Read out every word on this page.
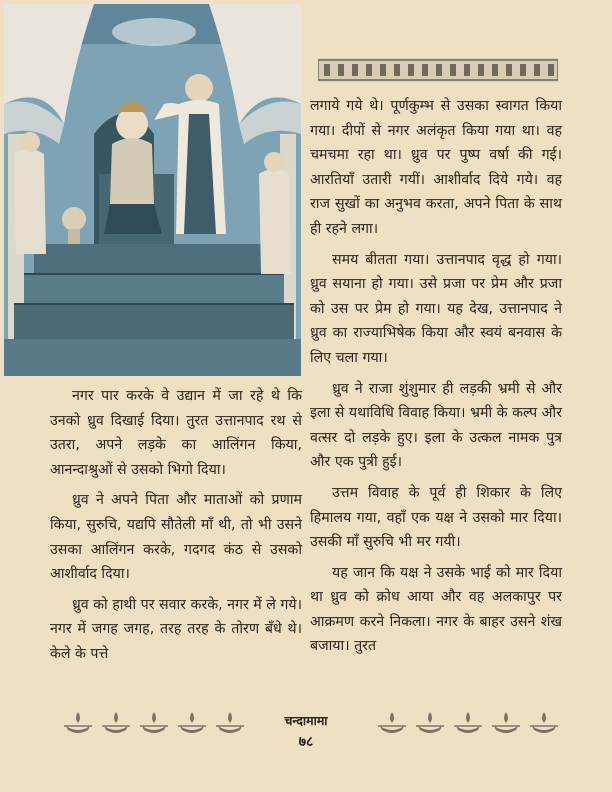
लगाये गये थे। पूर्णकुम्भ से उसका स्वागत किया गया। दीपों से नगर अलंकृत किया गया था। वह चमचमा रहा था। ध्रुव पर पुष्प वर्षा की गई। आरतियाँ उतारी गयीं। आशीर्वाद दिये गये। वह राज सुखों का अनुभव करता, अपने पिता के साथ ही रहने लगा।

समय बीतता गया। उत्तानपाद वृद्ध हो गया। ध्रुव सयाना हो गया। उसे प्रजा पर प्रेम और प्रजा को उस पर प्रेम हो गया। यह देख, उत्तानपाद ने ध्रुव का राज्याभिषेक किया और स्वयं बनवास के लिए चला गया।

ध्रुव ने राजा शुंशुमार ही लड़की भ्रमी से और इला से यथाविधि विवाह किया। भ्रमी के कल्प और वत्सर दो लड़के हुए। इला के उत्कल नामक पुत्र और एक पुत्री हुई।

उत्तम विवाह के पूर्व ही शिकार के लिए हिमालय गया, वहाँ एक यक्ष ने उसको मार दिया। उसकी माँ सुरुचि भी मर गयी।

यह जान कि यक्ष ने उसके भाई को मार दिया था ध्रुव को क्रोध आया और वह अलकापुर पर आक्रमण करने निकला। नगर के बाहर उसने शंख बजाया। तुरत

नगर पार करके वे उद्यान में जा रहे थे कि उनको ध्रुव दिखाई दिया। तुरत उत्तानपाद रथ से उतरा, अपने लड़के का आलिंगन किया, आनन्दाश्रुओं से उसको भिगो दिया।

ध्रुव ने अपने पिता और माताओं को प्रणाम किया, सुरुचि, यद्यपि सौतेली माँ थी, तो भी उसने उसका आलिंगन करके, गदगद कंठ से उसको आशीर्वाद दिया।

ध्रुव को हाथी पर सवार करके, नगर में ले गये। नगर में जगह जगह, तरह तरह के तोरण बँधे थे। केले के पत्ते

चन्दामामा
७८
